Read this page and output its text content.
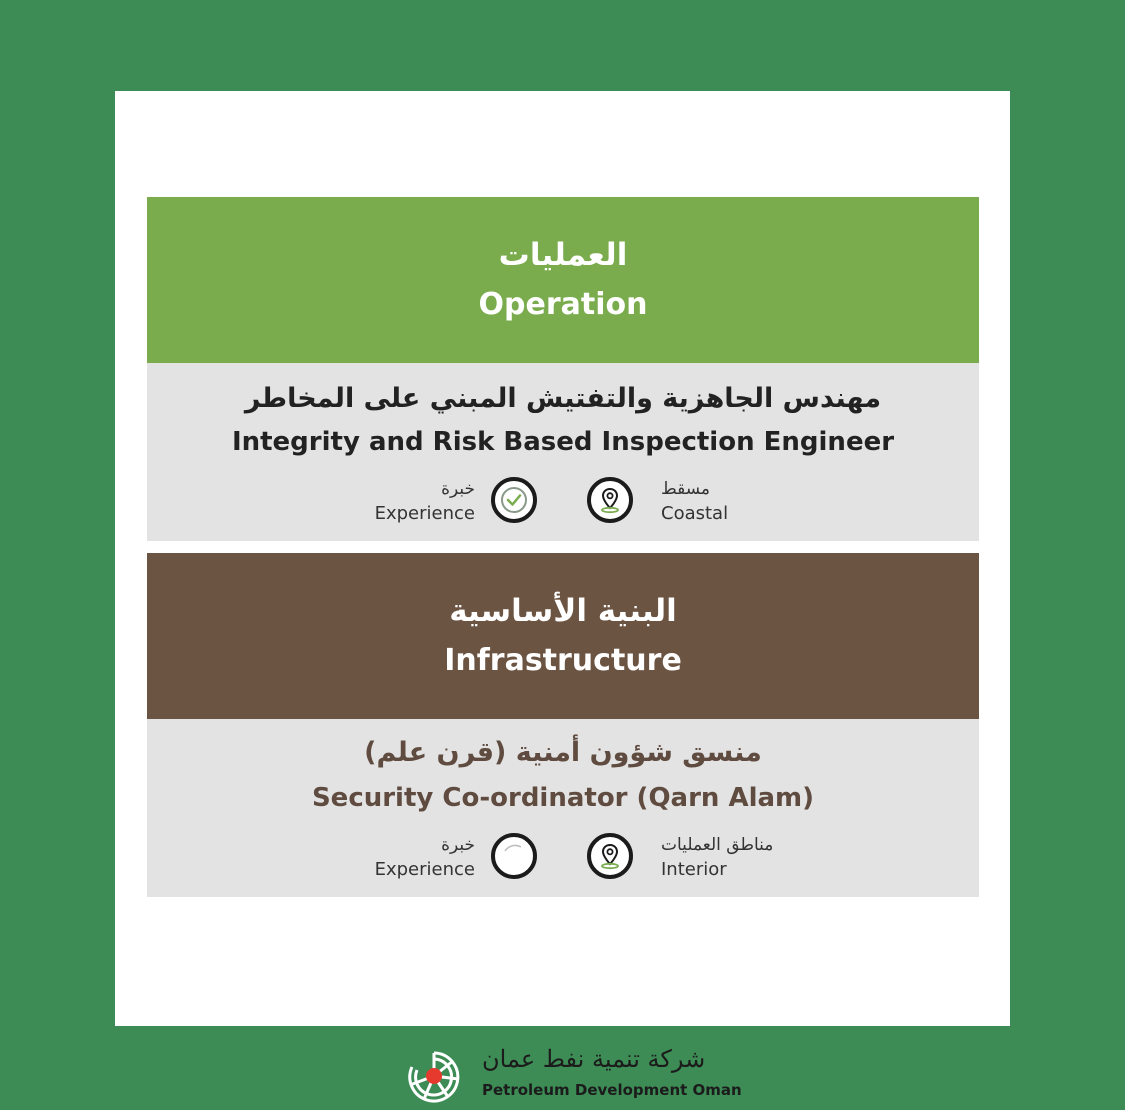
العمليات
Operation
مهندس الجاهزية والتفتيش المبني على المخاطر
Integrity and Risk Based Inspection Engineer
خبرة
Experience
مسقط
Coastal
البنية الأساسية
Infrastructure
منسق شؤون أمنية (قرن علم)
Security Co-ordinator (Qarn Alam)
خبرة
Experience
مناطق العمليات
Interior
شركة تنمية نفط عمان
Petroleum Development Oman
